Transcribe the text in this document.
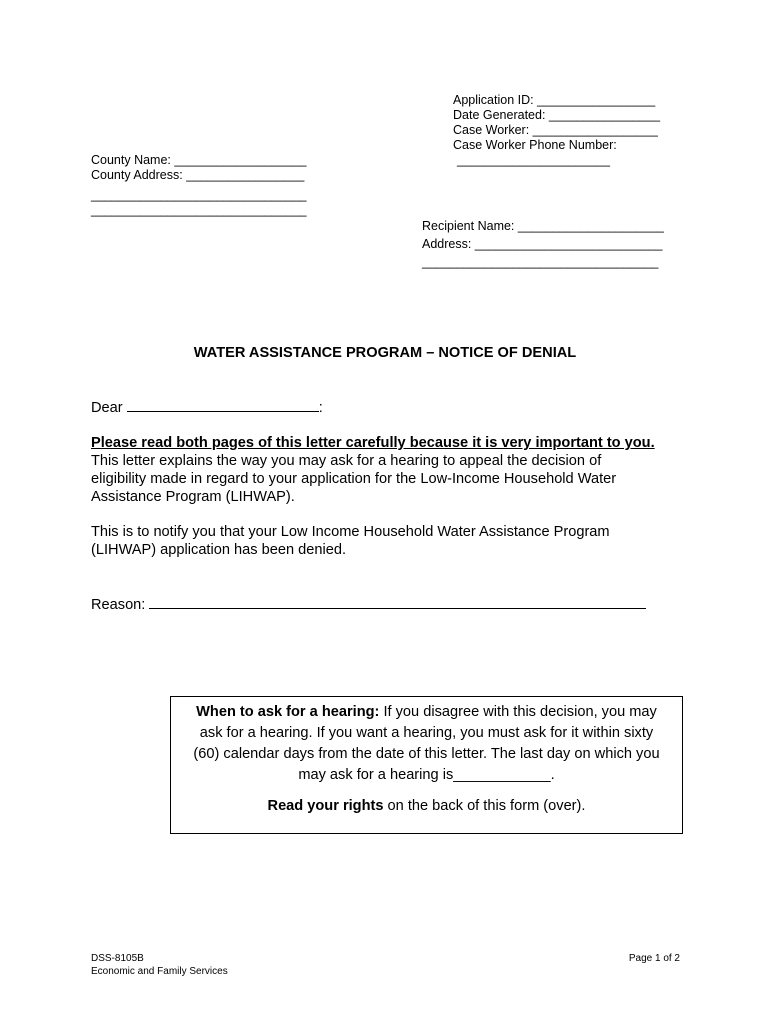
Application ID: _________________
Date Generated: ________________
Case Worker: __________________
Case Worker Phone Number:
______________________
County Name: ___________________
County Address: _________________
_______________________________
_______________________________
Recipient Name: _____________________
Address: ___________________________
__________________________________
WATER ASSISTANCE PROGRAM – NOTICE OF DENIAL
Dear	:
Please read both pages of this letter carefully because it is very important to you.
This letter explains the way you may ask for a hearing to appeal the decision of
eligibility made in regard to your application for the Low-Income Household Water
Assistance Program (LIHWAP).
This is to notify you that your Low Income Household Water Assistance Program
(LIHWAP) application has been denied.
Reason:
When to ask for a hearing: If you disagree with this decision, you may
ask for a hearing. If you want a hearing, you must ask for it within sixty
(60) calendar days from the date of this letter. The last day on which you
may ask for a hearing is____________.
Read your rights on the back of this form (over).
DSS-8105B
Economic and Family Services
Page 1 of 2
